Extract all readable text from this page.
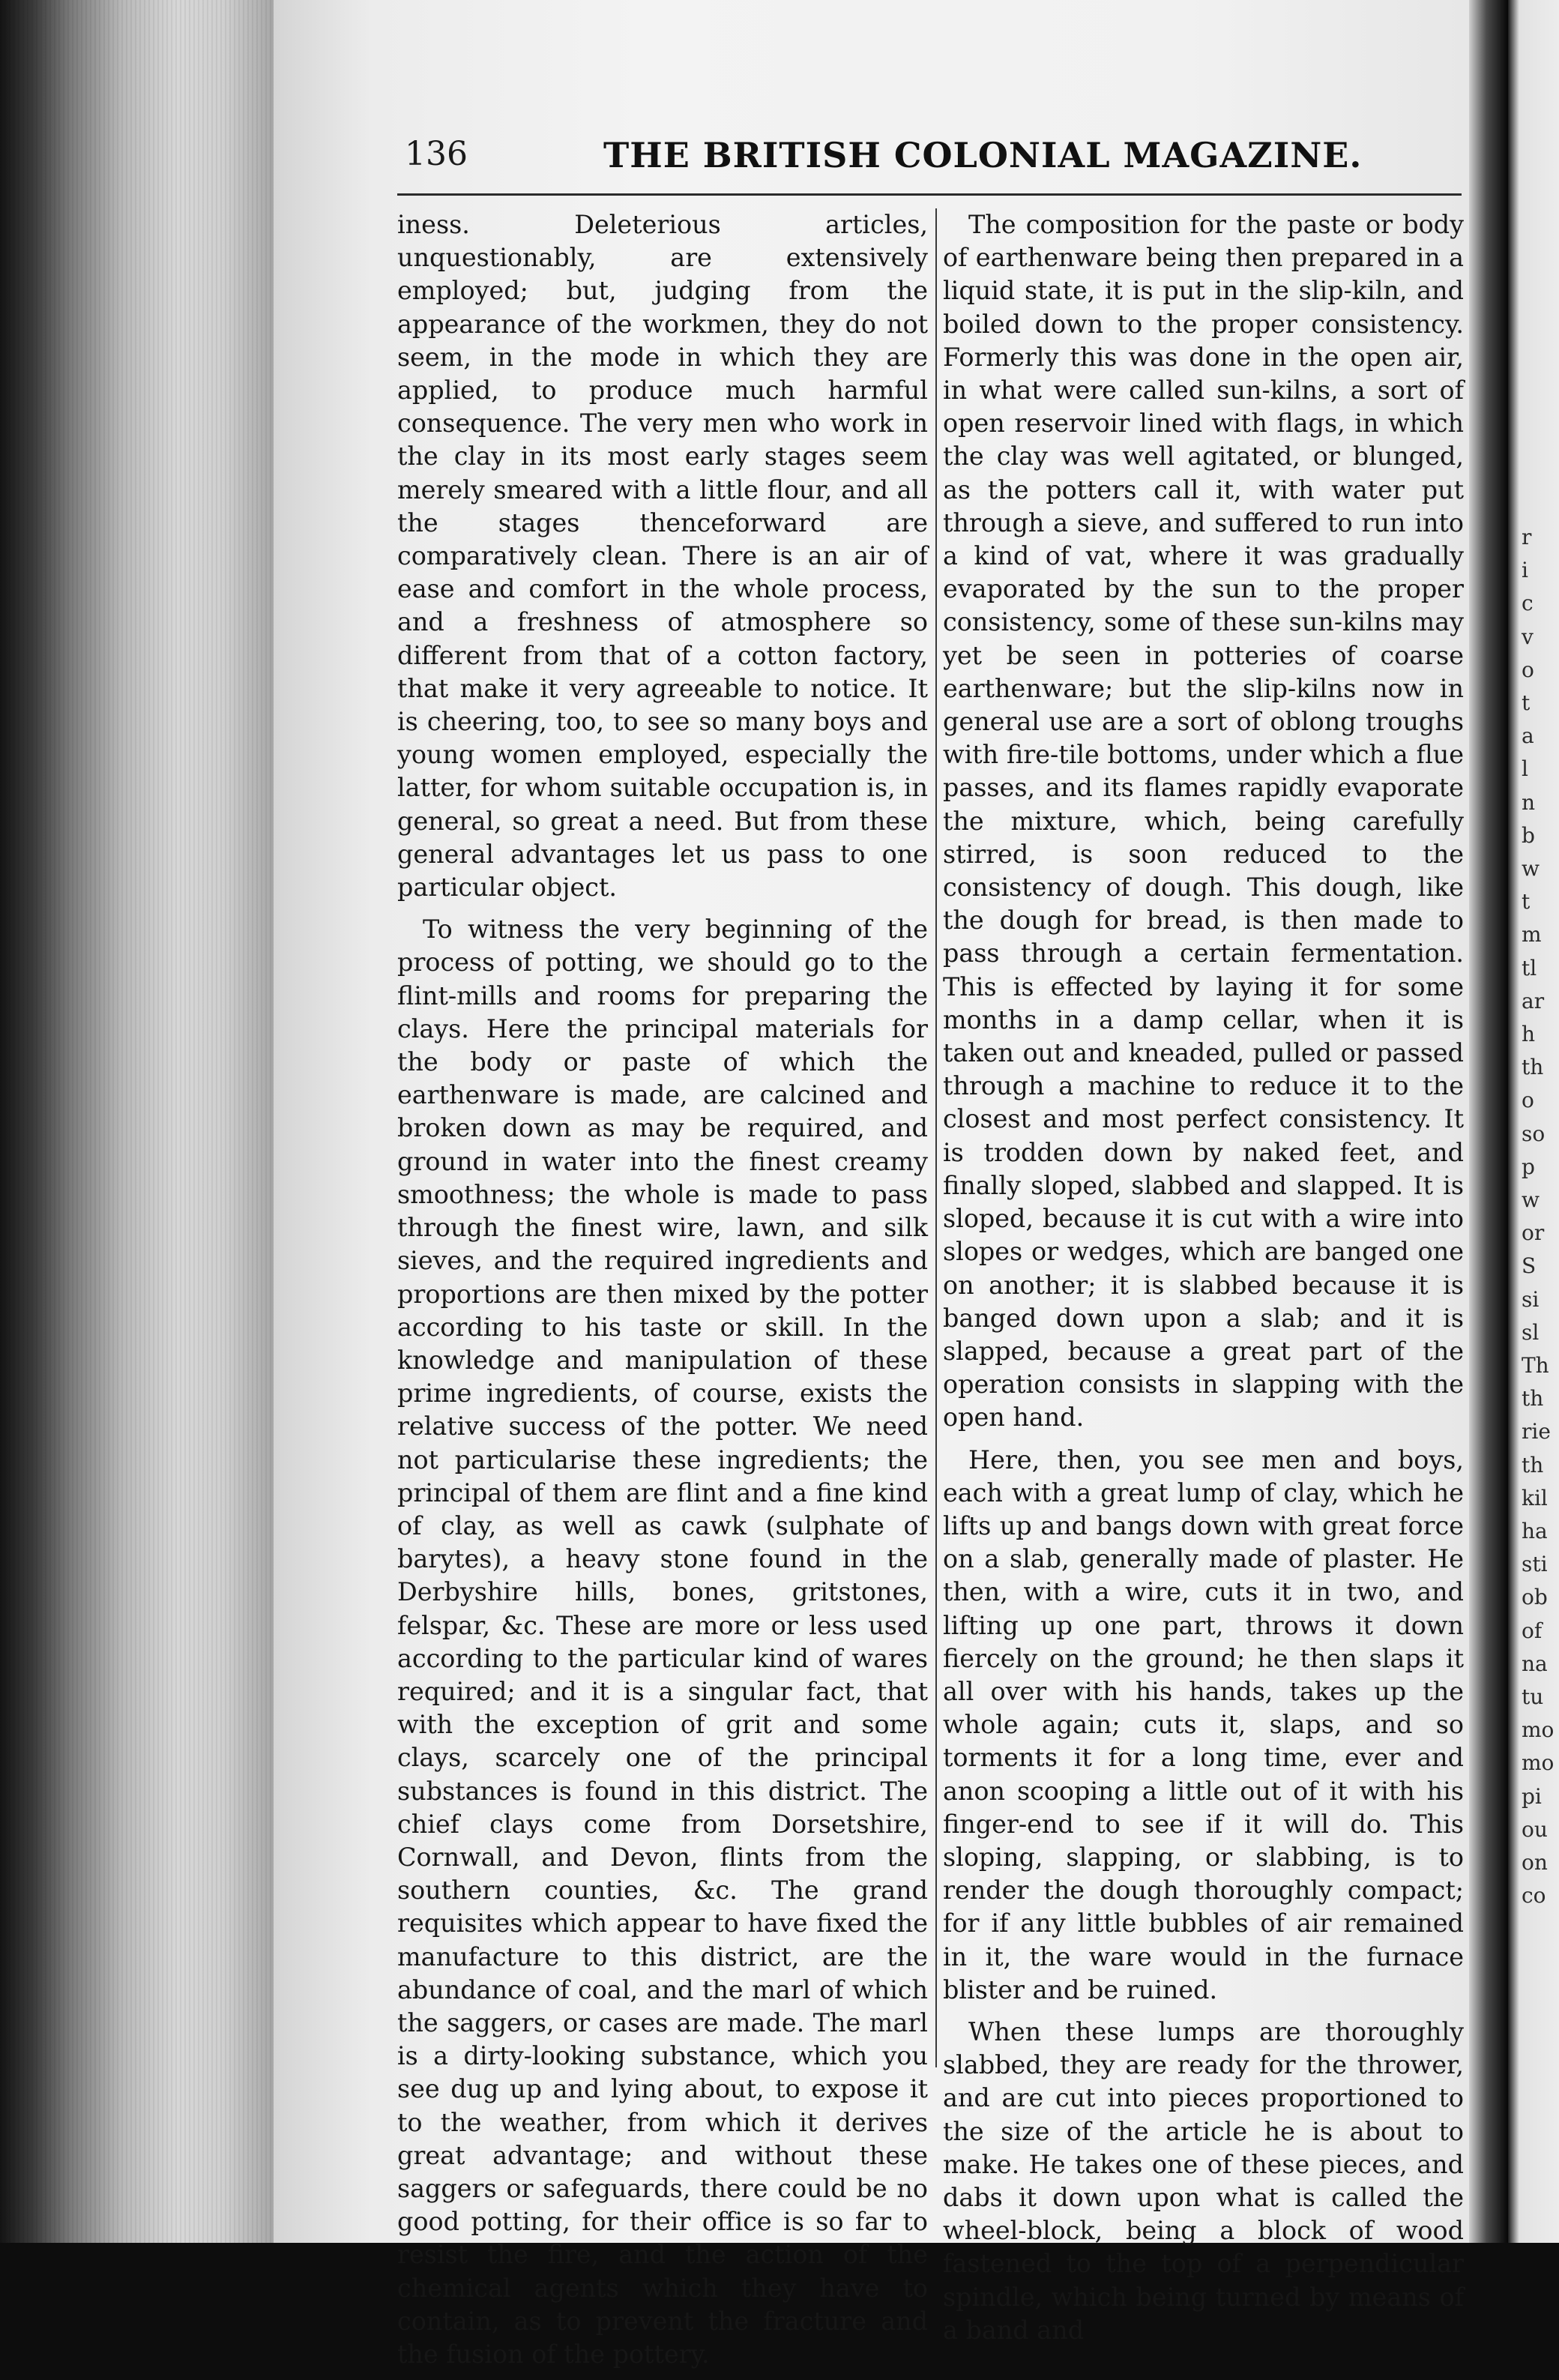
r
i
c
v
o
t
a
l
n
b
w
t
m
tl
ar
h
th
o
so
p
w
or
S
si
sl
Th
th
rie
th
kil
ha
sti
ob
of
na
tu
mo
mo
pi
ou
on
co
136	THE BRITISH COLONIAL MAGAZINE.

iness. Deleterious articles, unquestionably, are extensively employed; but, judging from the appearance of the workmen, they do not seem, in the mode in which they are applied, to produce much harmful consequence. The very men who work in the clay in its most early stages seem merely smeared with a little flour, and all the stages thenceforward are comparatively clean. There is an air of ease and comfort in the whole process, and a freshness of atmosphere so different from that of a cotton factory, that make it very agreeable to notice. It is cheering, too, to see so many boys and young women employed, especially the latter, for whom suitable occupation is, in general, so great a need. But from these general advantages let us pass to one particular object.

To witness the very beginning of the process of potting, we should go to the flint-mills and rooms for preparing the clays. Here the principal materials for the body or paste of which the earthenware is made, are calcined and broken down as may be required, and ground in water into the finest creamy smoothness; the whole is made to pass through the finest wire, lawn, and silk sieves, and the required ingredients and proportions are then mixed by the potter according to his taste or skill. In the knowledge and manipulation of these prime ingredients, of course, exists the relative success of the potter. We need not particularise these ingredients; the principal of them are flint and a fine kind of clay, as well as cawk (sulphate of barytes), a heavy stone found in the Derbyshire hills, bones, gritstones, felspar, &c. These are more or less used according to the particular kind of wares required; and it is a singular fact, that with the exception of grit and some clays, scarcely one of the principal substances is found in this district. The chief clays come from Dorsetshire, Cornwall, and Devon, flints from the southern counties, &c. The grand requisites which appear to have fixed the manufacture to this district, are the abundance of coal, and the marl of which the saggers, or cases are made. The marl is a dirty-looking substance, which you see dug up and lying about, to expose it to the weather, from which it derives great advantage; and without these saggers or safeguards, there could be no good potting, for their office is so far to resist the fire, and the action of the chemical agents which they have to contain, as to prevent the fracture and the fusion of the pottery.

The composition for the paste or body of earthenware being then prepared in a liquid state, it is put in the slip-kiln, and boiled down to the proper consistency. Formerly this was done in the open air, in what were called sun-kilns, a sort of open reservoir lined with flags, in which the clay was well agitated, or blunged, as the potters call it, with water put through a sieve, and suffered to run into a kind of vat, where it was gradually evaporated by the sun to the proper consistency, some of these sun-kilns may yet be seen in potteries of coarse earthenware; but the slip-kilns now in general use are a sort of oblong troughs with fire-tile bottoms, under which a flue passes, and its flames rapidly evaporate the mixture, which, being carefully stirred, is soon reduced to the consistency of dough. This dough, like the dough for bread, is then made to pass through a certain fermentation. This is effected by laying it for some months in a damp cellar, when it is taken out and kneaded, pulled or passed through a machine to reduce it to the closest and most perfect consistency. It is trodden down by naked feet, and finally sloped, slabbed and slapped. It is sloped, because it is cut with a wire into slopes or wedges, which are banged one on another; it is slabbed because it is banged down upon a slab; and it is slapped, because a great part of the operation consists in slapping with the open hand.

Here, then, you see men and boys, each with a great lump of clay, which he lifts up and bangs down with great force on a slab, generally made of plaster. He then, with a wire, cuts it in two, and lifting up one part, throws it down fiercely on the ground; he then slaps it all over with his hands, takes up the whole again; cuts it, slaps, and so torments it for a long time, ever and anon scooping a little out of it with his finger-end to see if it will do. This sloping, slapping, or slabbing, is to render the dough thoroughly compact; for if any little bubbles of air remained in it, the ware would in the furnace blister and be ruined.

When these lumps are thoroughly slabbed, they are ready for the thrower, and are cut into pieces proportioned to the size of the article he is about to make. He takes one of these pieces, and dabs it down upon what is called the wheel-block, being a block of wood fastened to the top of a perpendicular spindle, which being turned by means of a band and
